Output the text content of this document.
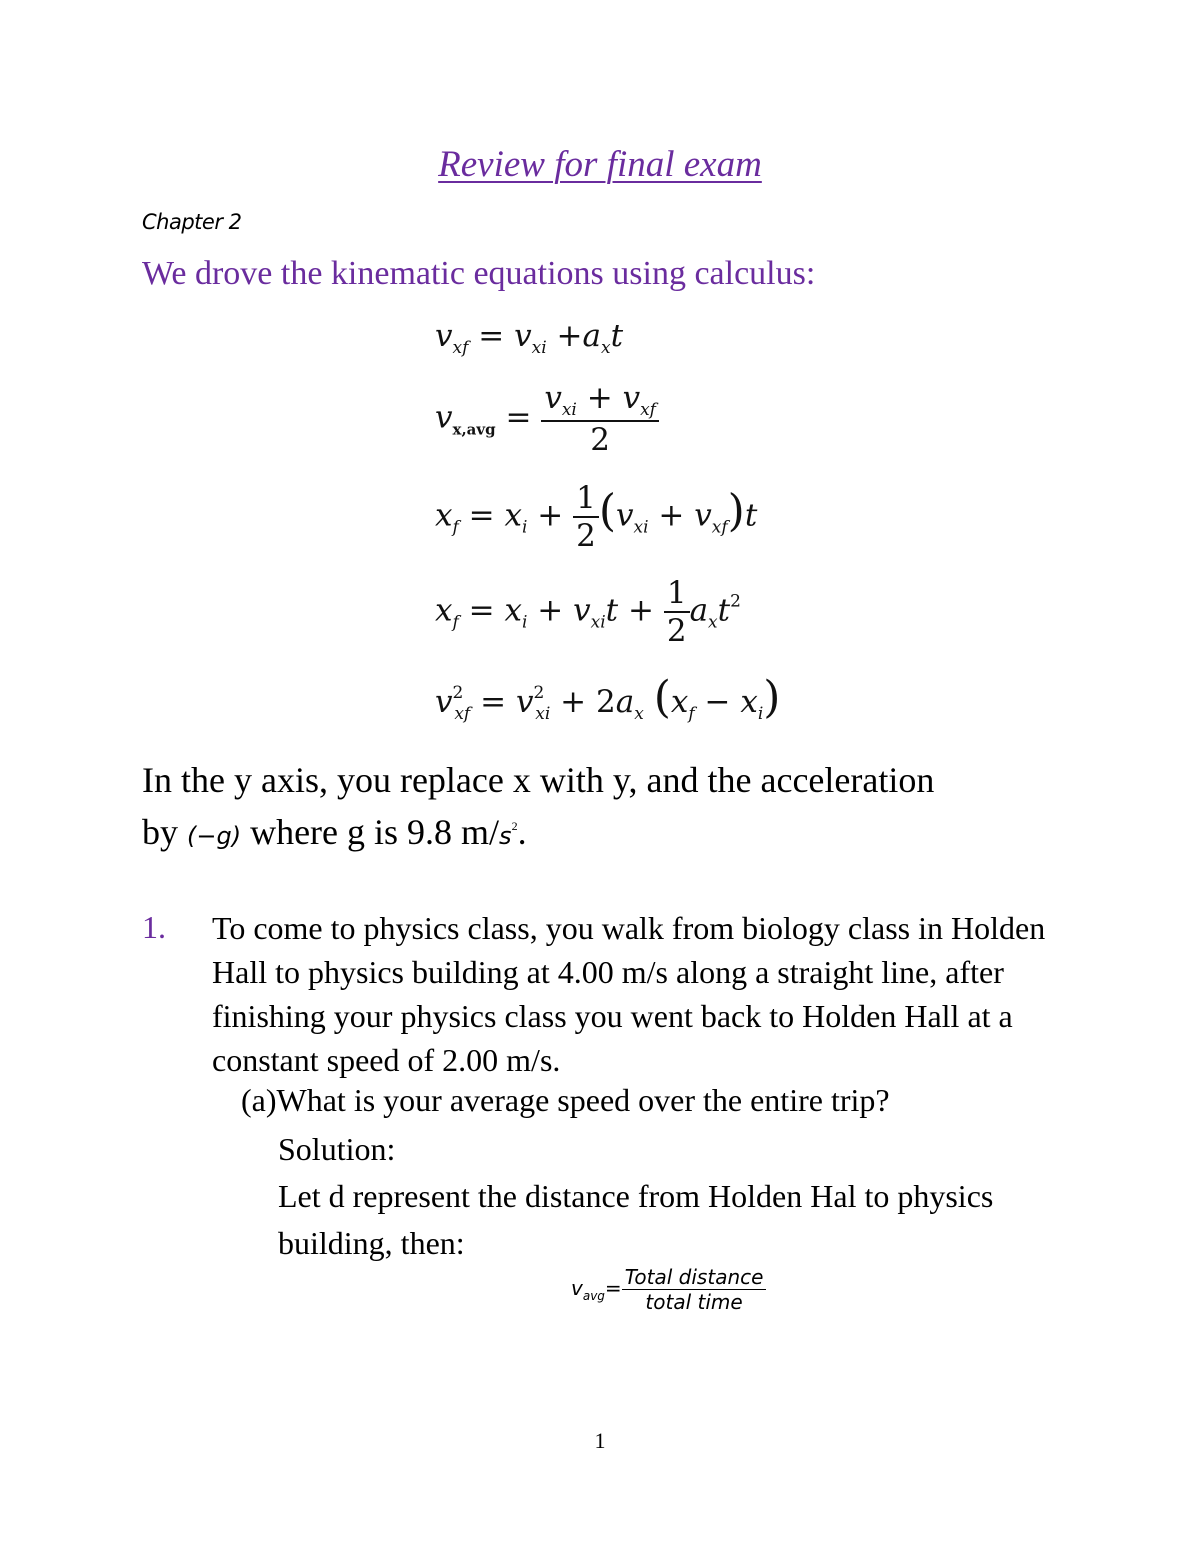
Review for final exam
Chapter 2
We drove the kinematic equations using calculus:
$v_{xf} = v_{xi} +a_xt$
$v_{x,avg} = \frac{v_{xi} + v_{xf}}{2}$
$x_f = x_i + \frac{1}{2} (v_{xi} + v_{xf})t$
$x_f = x_i + v_{xi}t + \frac{1}{2} a_xt^2$
$v^2_{xf} = v^2_{xi} + 2a_x$ $(x_f - x_i)$
In the y axis, you replace x with y, and the acceleration
by (−g) where g is 9.8 $m/s^2$.
1. To come to physics class, you walk from biology class in Holden Hall to physics building at 4.00 m/s along a straight line, after finishing your physics class you went back to Holden Hall at a constant speed of 2.00 m/s.
(a)What is your average speed over the entire trip?
Solution:
Let d represent the distance from Holden Hal to physics building, then:
$v_{avg}= \frac{\text{Total distance}}{\text{total time}}$
1
